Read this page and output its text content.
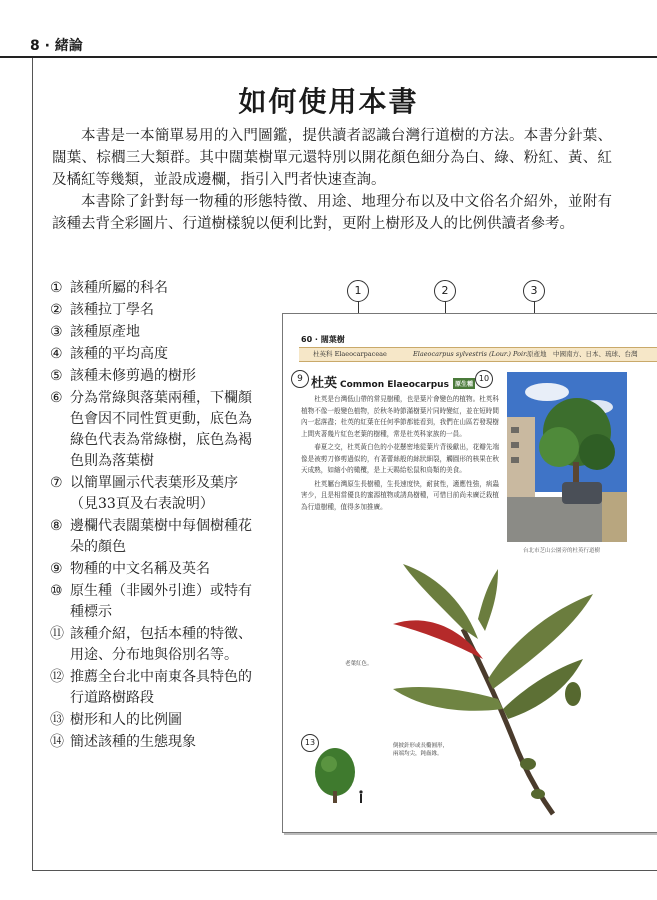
8 · 緒論
如何使用本書

本書是一本簡單易用的入門圖鑑，提供讀者認識台灣行道樹的方法。本書分針葉、闊葉、棕櫚三大類群。其中闊葉樹單元還特別以開花顏色細分為白、綠、粉紅、黃、紅及橘紅等幾類，並設成邊欄，指引入門者快速查詢。

本書除了針對每一物種的形態特徵、用途、地理分布以及中文俗名介紹外，並附有該種去背全彩圖片、行道樹樣貌以便利比對，更附上樹形及人的比例供讀者參考。

① 該種所屬的科名
② 該種拉丁學名
③ 該種原產地
④ 該種的平均高度
⑤ 該種未修剪過的樹形
⑥ 分為常綠與落葉兩種，下欄顏色會因不同性質更動，底色為綠色代表為常綠樹，底色為褐色則為落葉樹
⑦ 以簡單圖示代表葉形及葉序（見33頁及右表說明）
⑧ 邊欄代表闊葉樹中每個樹種花朵的顏色
⑨ 物種的中文名稱及英名
⑩ 原生種（非國外引進）或特有種標示
⑪ 該種介紹，包括本種的特徵、用途、分布地與俗別名等。
⑫ 推薦全台北中南東各具特色的行道路樹路段
⑬ 樹形和人的比例圖
⑭ 簡述該種的生態現象
1	2	3
60 · 闊葉樹
杜英科 Elaeocarpaceae	Elaeocarpus sylvestris (Lour.) Poir. 原產地 中國南方、日本、琉球、台灣
9 杜英 Common Elaeocarpus 原生種
10

杜英是台灣低山帶的常見樹種，也是葉片會變色的植物。杜英科植物不像一般變色植物，於秋冬時節滿樹葉片同時變紅，並在短時間內一起落盡；杜英的紅葉在任何季節都能看到，我們在山區若發現樹上間夾著幾片紅色老葉的樹種，常是杜英科家族的一員。

春夏之交，杜英黃白色的小花懸密地從葉片背後獻出，花瓣先端像是被剪刀修剪過似的，有著蕾絲般的絲狀細裂，觸圓形的核果在秋天成熟，如縮小的橄欖，是上天賜給松鼠和鳥類的美食。

杜英屬台灣原生長樹種，生長速度快，耐貧性，適應性強，病蟲害少，且是相當優良的蜜源植物或誘鳥樹種，可惜目前尚未廣泛栽植為行道樹種，值得多加推廣。

台北市芝山公園旁的杜英行道樹
老葉紅色。
倒披針形或長橢圓形，兩端均尖，鈍齒緣。
13
